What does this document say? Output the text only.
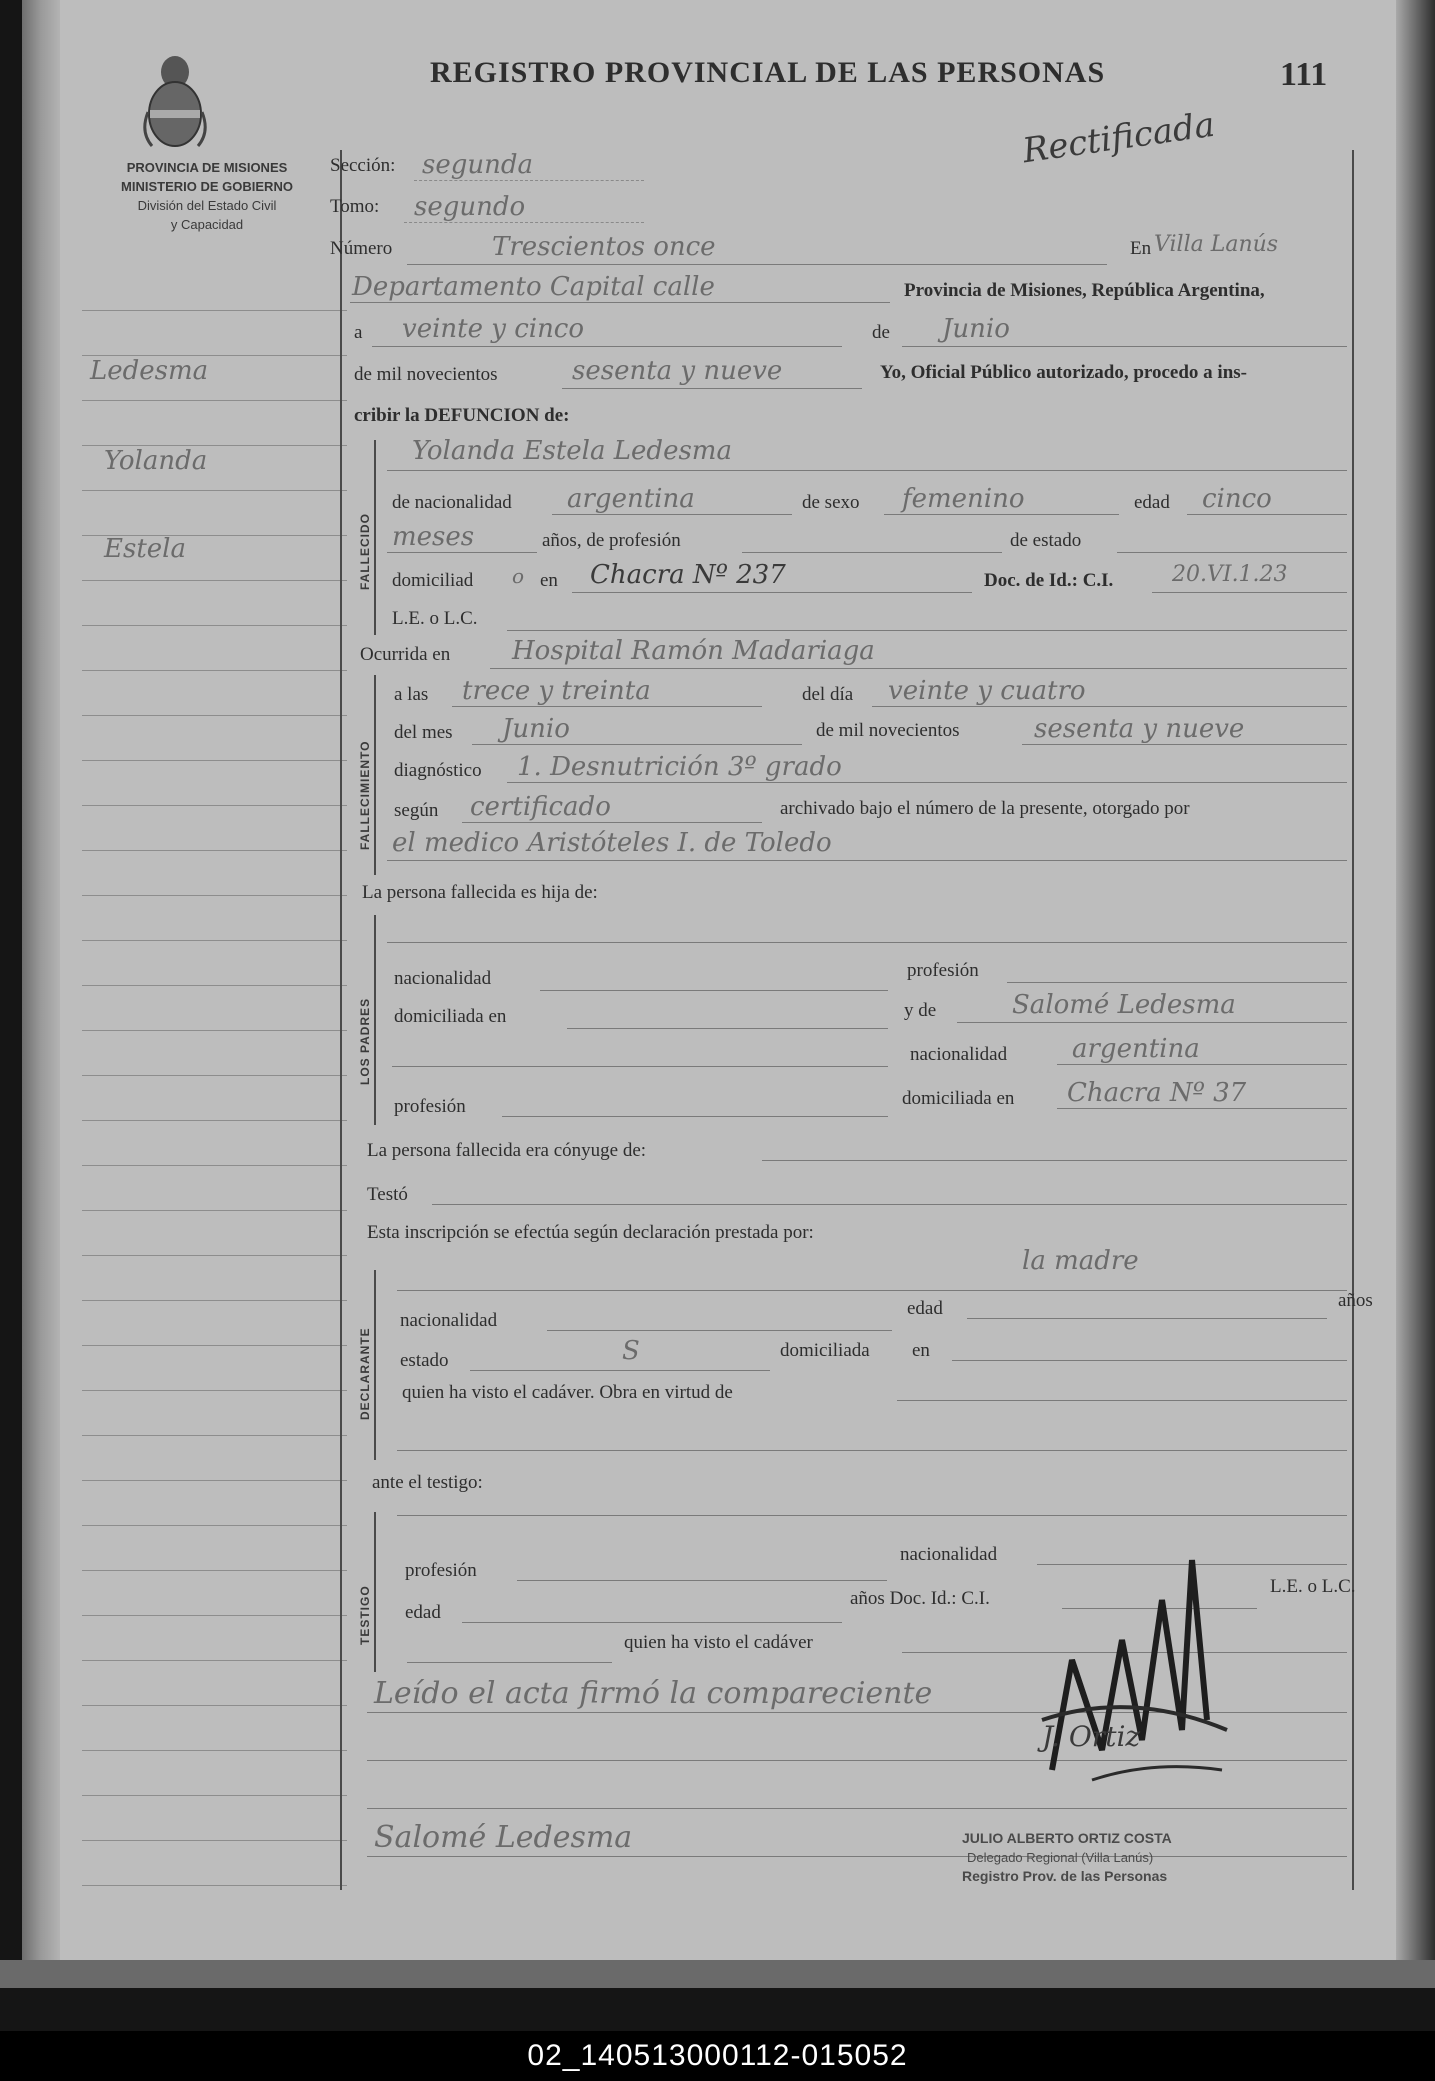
PROVINCIA DE MISIONES
MINISTERIO DE GOBIERNO
División del Estado Civil
y Capacidad
REGISTRO PROVINCIAL DE LAS PERSONAS	111
Rectificada
Ledesma
Yolanda
Estela
Sección: segunda
Tomo: segundo
Número	Trescientos once	En Villa Lanús
Departamento Capital calle	Provincia de Misiones, República Argentina,
a veinte y cinco	de Junio
de mil novecientos	sesenta y nueve	Yo, Oficial Público autorizado, procedo a ins-
cribir la DEFUNCION de:
FALLECIDO
Yolanda Estela Ledesma
de nacionalidad argentina	de sexo femenino	edad cinco
meses	años, de profesión	de estado
domiciliad o en Chacra Nº 237	Doc. de Id.: C.I.	20.VI.1.23
L.E. o L.C.
Ocurrida en Hospital Ramón Madariaga
FALLECIMIENTO
a las trece y treinta	del día veinte y cuatro
del mes Junio	de mil novecientos	sesenta y nueve
diagnóstico 1. Desnutrición 3º grado
según certificado	archivado bajo el número de la presente, otorgado por
el medico Aristóteles I. de Toledo
La persona fallecida es hija de:
LOS PADRES
nacionalidad	profesión
domiciliada en	y de	Salomé Ledesma
nacionalidad argentina
profesión	domiciliada en Chacra Nº 37
La persona fallecida era cónyuge de:
Testó
Esta inscripción se efectúa según declaración prestada por:
DECLARANTE
la madre
nacionalidad
edad	años
estado	S	domiciliada en
quien ha visto el cadáver. Obra en virtud de
ante el testigo:
TESTIGO
profesión
nacionalidad
edad
años Doc. Id.: C.I.
L.E. o L.C.
quien ha visto el cadáver
Leído el acta firmó la compareciente
Salomé Ledesma
J. Ortiz
JULIO ALBERTO ORTIZ COSTA
Delegado Regional (Villa Lanús)
Registro Prov. de las Personas
02_140513000112-015052
